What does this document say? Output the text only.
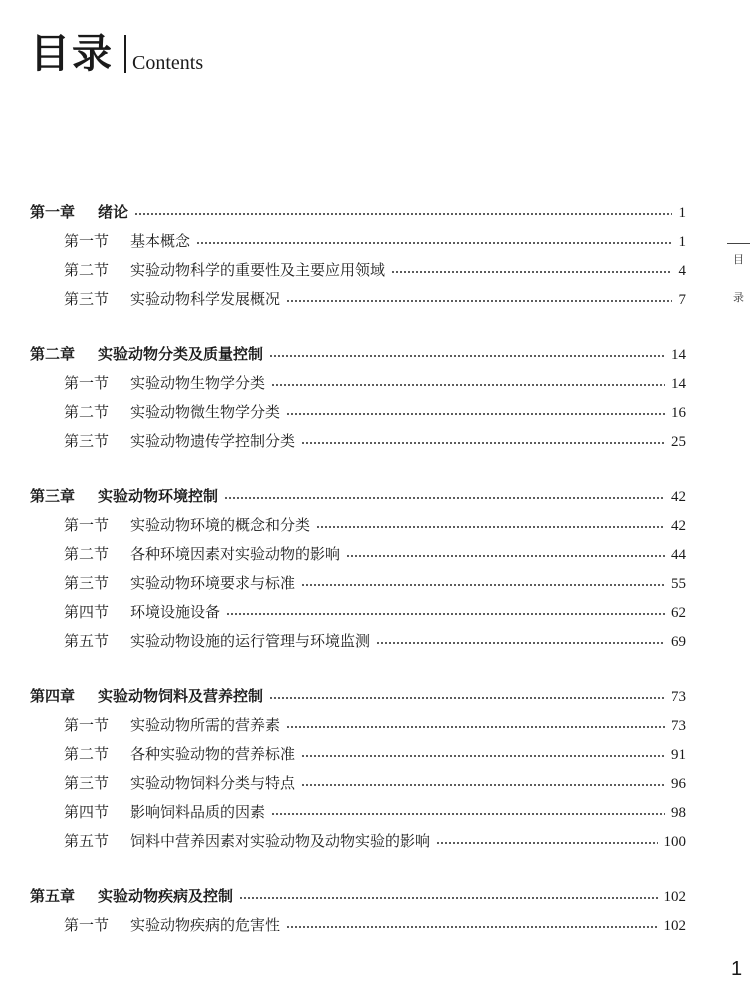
目录 Contents
目
录
第一章	绪论	1
第一节	基本概念	1
第二节	实验动物科学的重要性及主要应用领域	4
第三节	实验动物科学发展概况	7
第二章	实验动物分类及质量控制	14
第一节	实验动物生物学分类	14
第二节	实验动物微生物学分类	16
第三节	实验动物遗传学控制分类	25
第三章	实验动物环境控制	42
第一节	实验动物环境的概念和分类	42
第二节	各种环境因素对实验动物的影响	44
第三节	实验动物环境要求与标准	55
第四节	环境设施设备	62
第五节	实验动物设施的运行管理与环境监测	69
第四章	实验动物饲料及营养控制	73
第一节	实验动物所需的营养素	73
第二节	各种实验动物的营养标准	91
第三节	实验动物饲料分类与特点	96
第四节	影响饲料品质的因素	98
第五节	饲料中营养因素对实验动物及动物实验的影响	100
第五章	实验动物疾病及控制	102
第一节	实验动物疾病的危害性	102
1
